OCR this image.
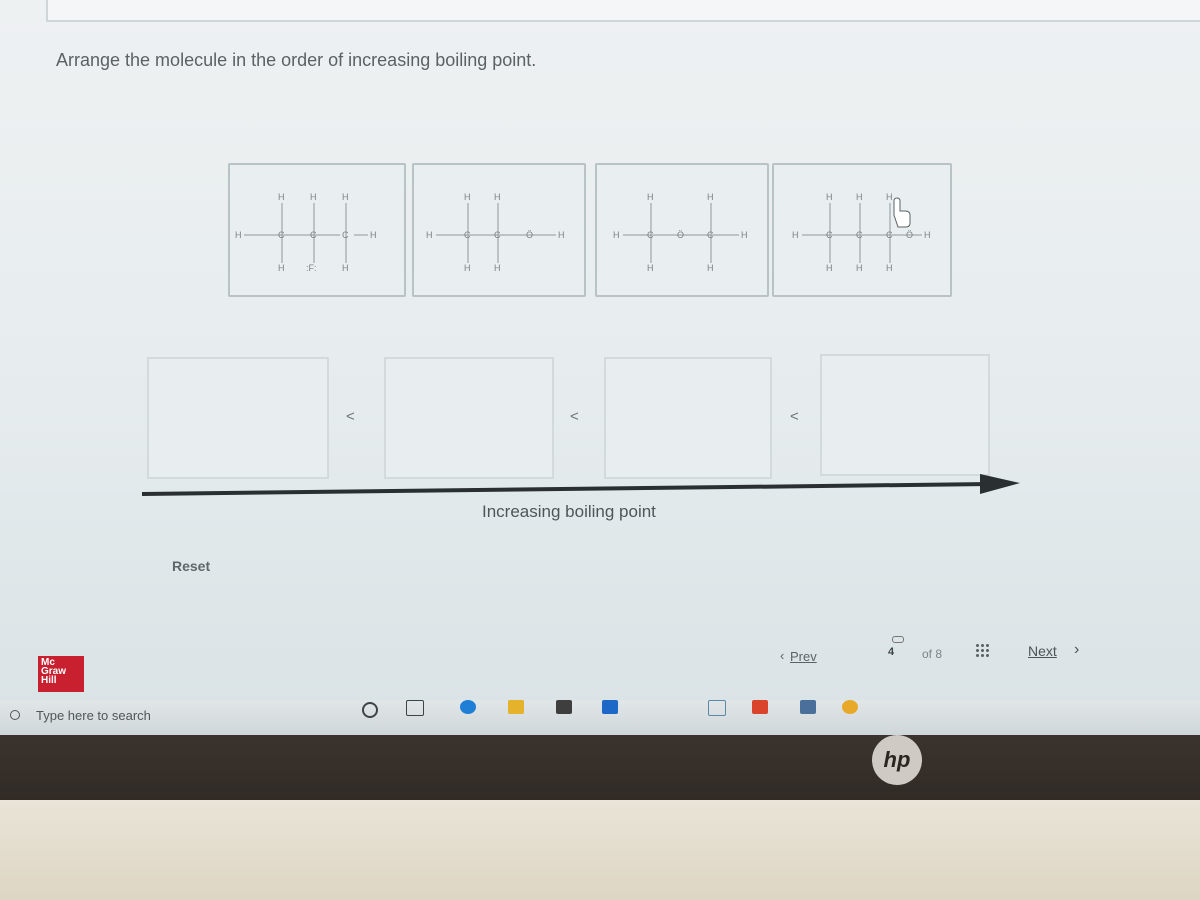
Arrange the molecule in the order of increasing boiling point.
H	H	H
H	C	C	C H
H :F:	H
H	H
H	C	C	Ö	H
H	H
H	H
H	C	Ö	C	H
H	H
H	H	H
H	C	C	C Ö H
H	H	H
<	<	<
Increasing boiling point
Reset
‹ Prev	4 of 8	Next ›
Mc Graw Hill
Type here to search
hp
